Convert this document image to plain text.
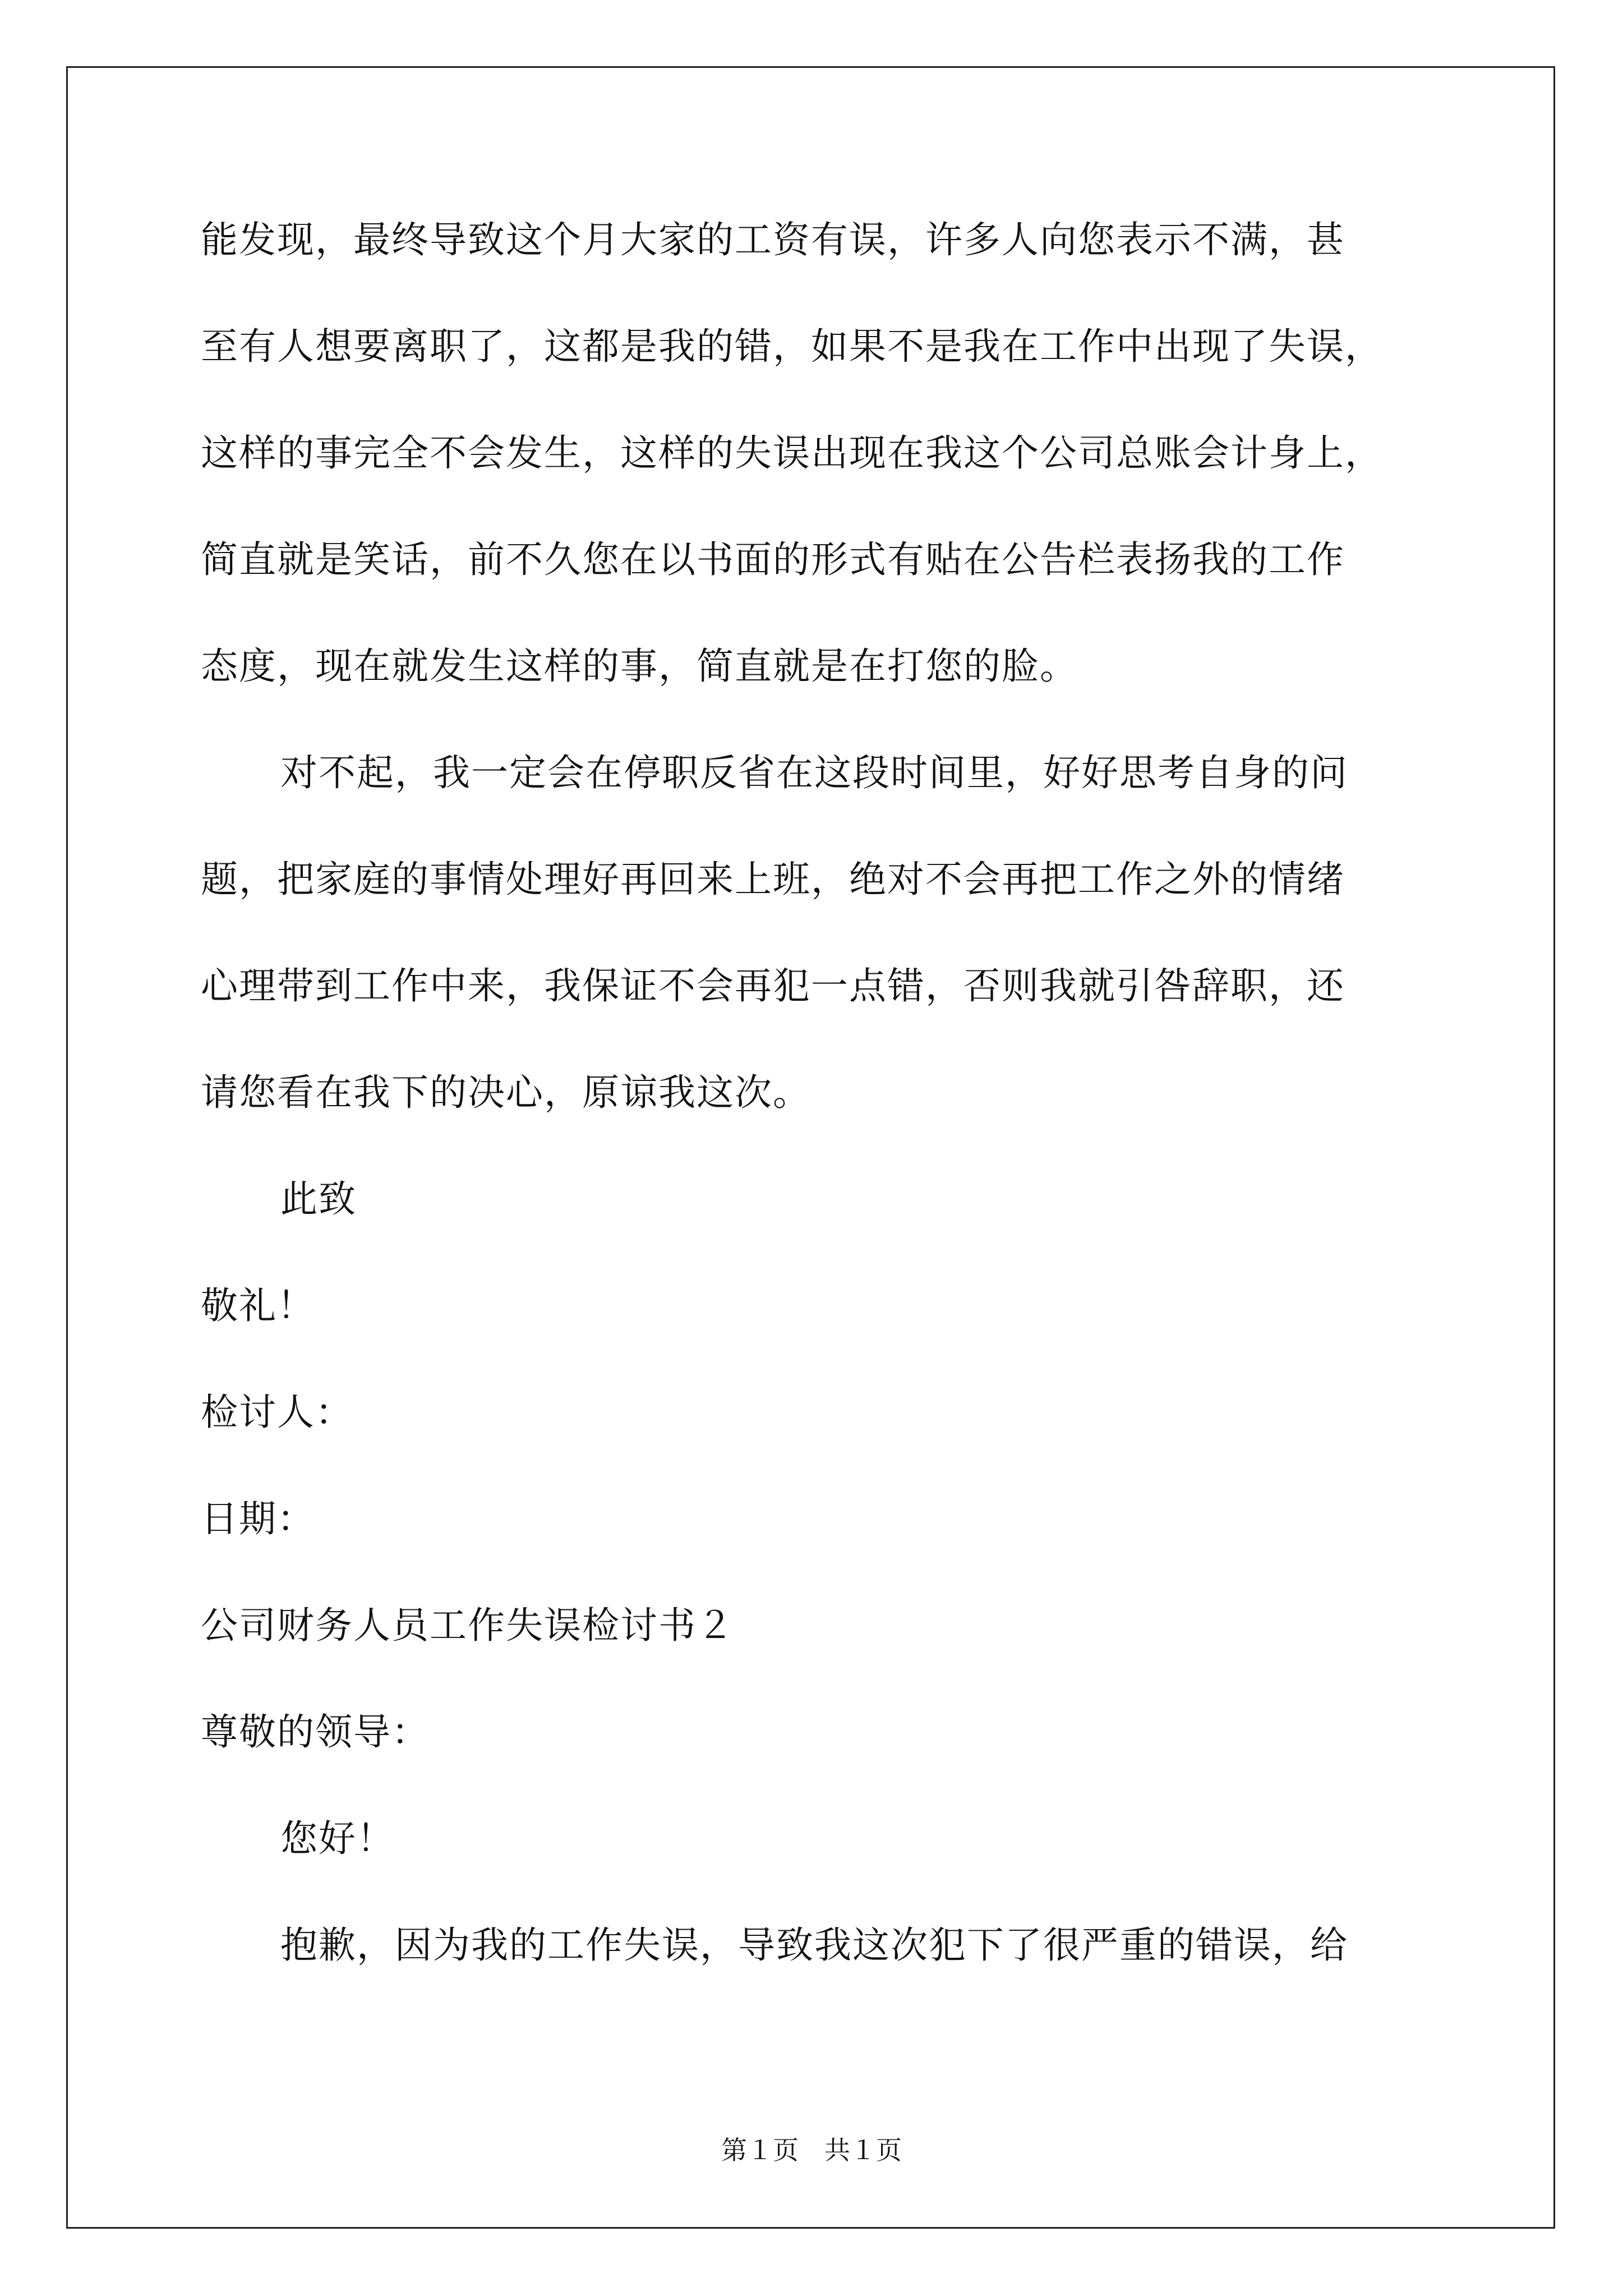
能发现，最终导致这个月大家的工资有误，许多人向您表示不满，甚
至有人想要离职了，这都是我的错，如果不是我在工作中出现了失误，
这样的事完全不会发生，这样的失误出现在我这个公司总账会计身上，
简直就是笑话，前不久您在以书面的形式有贴在公告栏表扬我的工作
态度，现在就发生这样的事，简直就是在打您的脸。
对不起，我一定会在停职反省在这段时间里，好好思考自身的问
题，把家庭的事情处理好再回来上班，绝对不会再把工作之外的情绪
心理带到工作中来，我保证不会再犯一点错，否则我就引咎辞职，还
请您看在我下的决心，原谅我这次。
此致
敬礼！
检讨人：
日期：
公司财务人员工作失误检讨书２
尊敬的领导：
您好！
抱歉，因为我的工作失误，导致我这次犯下了很严重的错误，给
第１页　共１页
